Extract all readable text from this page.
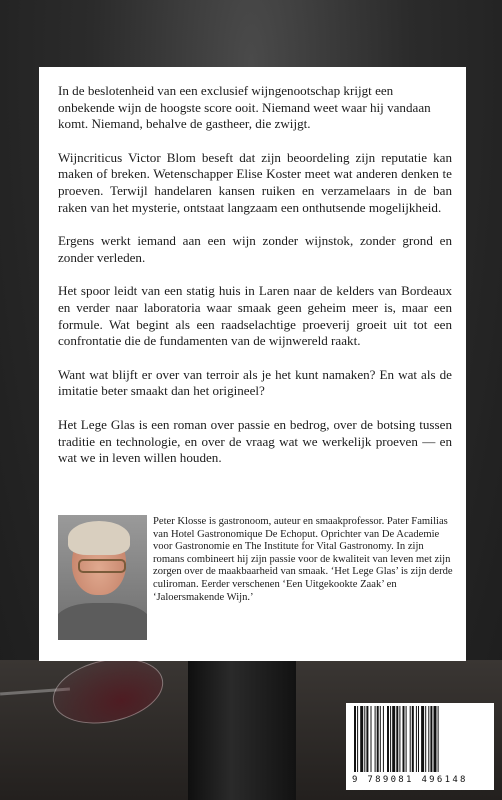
In de beslotenheid van een exclusief wijngenootschap krijgt een onbekende wijn de hoogste score ooit. Niemand weet waar hij vandaan komt. Niemand, behalve de gastheer, die zwijgt.

Wijncriticus Victor Blom beseft dat zijn beoordeling zijn reputatie kan maken of breken. Wetenschapper Elise Koster meet wat anderen denken te proeven. Terwijl handelaren kansen ruiken en verzamelaars in de ban raken van het mysterie, ontstaat langzaam een onthutsende mogelijkheid.

Ergens werkt iemand aan een wijn zonder wijnstok, zonder grond en zonder verleden.

Het spoor leidt van een statig huis in Laren naar de kelders van Bordeaux en verder naar laboratoria waar smaak geen geheim meer is, maar een formule. Wat begint als een raadselachtige proeverij groeit uit tot een confrontatie die de fundamenten van de wijnwereld raakt.

Want wat blijft er over van terroir als je het kunt namaken? En wat als de imitatie beter smaakt dan het origineel?

Het Lege Glas is een roman over passie en bedrog, over de botsing tussen traditie en technologie, en over de vraag wat we werkelijk proeven — en wat we in leven willen houden.

Peter Klosse is gastronoom, auteur en smaakprofessor. Pater Familias van Hotel Gastronomique De Echoput. Oprichter van De Academie voor Gastronomie en The Institute for Vital Gastronomy. In zijn romans combineert hij zijn passie voor de kwaliteit van leven met zijn zorgen over de maakbaarheid van smaak. ‘Het Lege Glas’ is zijn derde culiroman. Eerder verschenen ‘Een Uitgekookte Zaak’ en ‘Jaloersmakende Wijn.’
9 789081 496148
